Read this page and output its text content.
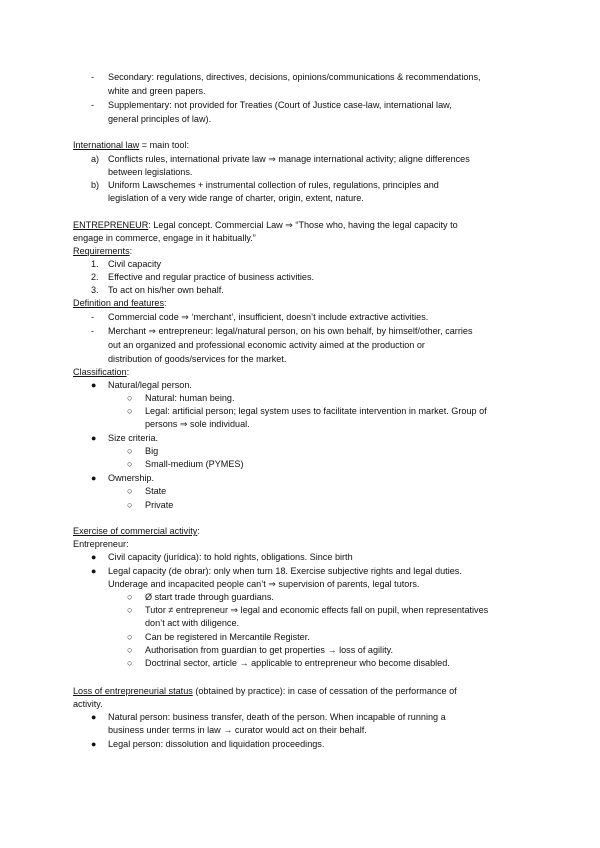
- Secondary: regulations, directives, decisions, opinions/communications & recommendations,
white and green papers.
- Supplementary: not provided for Treaties (Court of Justice case-law, international law,
general principles of law).
International law = main tool:
a) Conflicts rules, international private law ⇒ manage international activity; aligne differences
between legislations.
b) Uniform Lawschemes + instrumental collection of rules, regulations, principles and
legislation of a very wide range of charter, origin, extent, nature.
ENTREPRENEUR: Legal concept. Commercial Law ⇒ “Those who, having the legal capacity to
engage in commerce, engage in it habitually.”
Requirements:
1. Civil capacity
2. Effective and regular practice of business activities.
3. To act on his/her own behalf.
Definition and features:
- Commercial code ⇒ ‘merchant’, insufficient, doesn’t include extractive activities.
- Merchant ⇒ entrepreneur: legal/natural person, on his own behalf, by himself/other, carries
out an organized and professional economic activity aimed at the production or
distribution of goods/services for the market.
Classification:
● Natural/legal person.
○ Natural: human being.
○ Legal: artificial person; legal system uses to facilitate intervention in market. Group of
persons ⇒ sole individual.
● Size criteria.
○ Big
○ Small-medium (PYMES)
● Ownership.
○ State
○ Private
Exercise of commercial activity:
Entrepreneur:
● Civil capacity (jurídica): to hold rights, obligations. Since birth
● Legal capacity (de obrar): only when turn 18. Exercise subjective rights and legal duties.
Underage and incapacited people can’t ⇒ supervision of parents, legal tutors.
○ Ø start trade through guardians.
○ Tutor ≠ entrepreneur ⇒ legal and economic effects fall on pupil, when representatives
don’t act with diligence.
○ Can be registered in Mercantile Register.
○ Authorisation from guardian to get properties → loss of agility.
○ Doctrinal sector, article → applicable to entrepreneur who become disabled.
Loss of entrepreneurial status (obtained by practice): in case of cessation of the performance of
activity.
● Natural person: business transfer, death of the person. When incapable of running a
business under terms in law → curator would act on their behalf.
● Legal person: dissolution and liquidation proceedings.
